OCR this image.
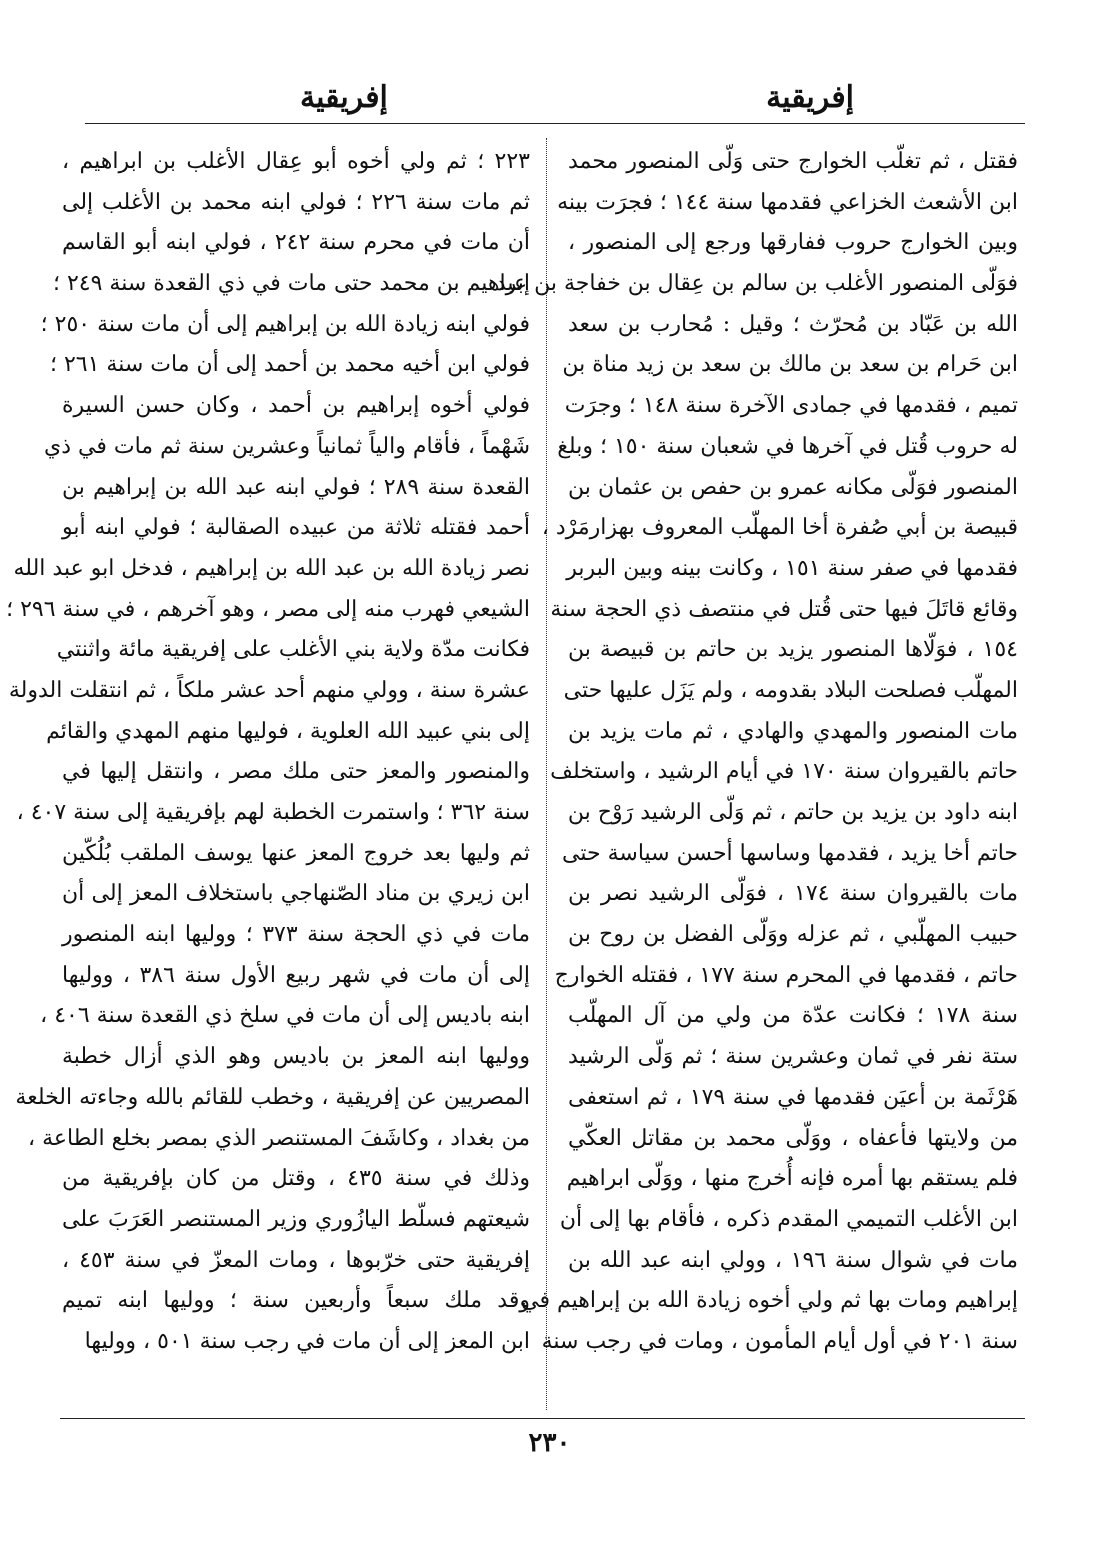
إفريقية
إفريقية
فقتل ، ثم تغلّب الخوارج حتى وَلّى المنصور محمد
ابن الأشعث الخزاعي فقدمها سنة ١٤٤ ؛ فجرَت بينه
وبين الخوارج حروب ففارقها ورجع إلى المنصور ،
فوَلّى المنصور الأغلب بن سالم بن عِقال بن خفاجة بن عبد
الله بن عَبّاد بن مُحرّث ؛ وقيل : مُحارب بن سعد
ابن حَرام بن سعد بن مالك بن سعد بن زيد مناة بن
تميم ، فقدمها في جمادى الآخرة سنة ١٤٨ ؛ وجرَت
له حروب قُتل في آخرها في شعبان سنة ١٥٠ ؛ وبلغ
المنصور فوَلّى مكانه عمرو بن حفص بن عثمان بن
قبيصة بن أبي صُفرة أخا المهلّب المعروف بهزارمَرْد ،
فقدمها في صفر سنة ١٥١ ، وكانت بينه وبين البربر
وقائع قاتَلَ فيها حتى قُتل في منتصف ذي الحجة سنة
١٥٤ ، فوَلّاها المنصور يزيد بن حاتم بن قبيصة بن
المهلّب فصلحت البلاد بقدومه ، ولم يَزَل عليها حتى
مات المنصور والمهدي والهادي ، ثم مات يزيد بن
حاتم بالقيروان سنة ١٧٠ في أيام الرشيد ، واستخلف
ابنه داود بن يزيد بن حاتم ، ثم وَلّى الرشيد رَوْح بن
حاتم أخا يزيد ، فقدمها وساسها أحسن سياسة حتى
مات بالقيروان سنة ١٧٤ ، فوَلّى الرشيد نصر بن
حبيب المهلّبي ، ثم عزله ووَلّى الفضل بن روح بن
حاتم ، فقدمها في المحرم سنة ١٧٧ ، فقتله الخوارج
سنة ١٧٨ ؛ فكانت عدّة من ولي من آل المهلّب
ستة نفر في ثمان وعشرين سنة ؛ ثم وَلّى الرشيد
هَرْثَمة بن أعيَن فقدمها في سنة ١٧٩ ، ثم استعفى
من ولايتها فأعفاه ، ووَلّى محمد بن مقاتل العكّي
فلم يستقم بها أمره فإنه أُخرج منها ، ووَلّى ابراهيم
ابن الأغلب التميمي المقدم ذكره ، فأقام بها إلى أن
مات في شوال سنة ١٩٦ ، وولي ابنه عبد الله بن
إبراهيم ومات بها ثم ولي أخوه زيادة الله بن إبراهيم في
سنة ٢٠١ في أول أيام المأمون ، ومات في رجب سنة
٢٢٣ ؛ ثم ولي أخوه أبو عِقال الأغلب بن ابراهيم ،
ثم مات سنة ٢٢٦ ؛ فولي ابنه محمد بن الأغلب إلى
أن مات في محرم سنة ٢٤٢ ، فولي ابنه أبو القاسم
إبراهيم بن محمد حتى مات في ذي القعدة سنة ٢٤٩ ؛
فولي ابنه زيادة الله بن إبراهيم إلى أن مات سنة ٢٥٠ ؛
فولي ابن أخيه محمد بن أحمد إلى أن مات سنة ٢٦١ ؛
فولي أخوه إبراهيم بن أحمد ، وكان حسن السيرة
شَهْماً ، فأقام والياً ثمانياً وعشرين سنة ثم مات في ذي
القعدة سنة ٢٨٩ ؛ فولي ابنه عبد الله بن إبراهيم بن
أحمد فقتله ثلاثة من عبيده الصقالبة ؛ فولي ابنه أبو
نصر زيادة الله بن عبد الله بن إبراهيم ، فدخل ابو عبد الله
الشيعي فهرب منه إلى مصر ، وهو آخرهم ، في سنة ٢٩٦ ؛
فكانت مدّة ولاية بني الأغلب على إفريقية مائة واثنتي
عشرة سنة ، وولي منهم أحد عشر ملكاً ، ثم انتقلت الدولة
إلى بني عبيد الله العلوية ، فوليها منهم المهدي والقائم
والمنصور والمعز حتى ملك مصر ، وانتقل إليها في
سنة ٣٦٢ ؛ واستمرت الخطبة لهم بإفريقية إلى سنة ٤٠٧ ،
ثم وليها بعد خروج المعز عنها يوسف الملقب بُلُكّين
ابن زيري بن مناد الصّنهاجي باستخلاف المعز إلى أن
مات في ذي الحجة سنة ٣٧٣ ؛ ووليها ابنه المنصور
إلى أن مات في شهر ربيع الأول سنة ٣٨٦ ، ووليها
ابنه باديس إلى أن مات في سلخ ذي القعدة سنة ٤٠٦ ،
ووليها ابنه المعز بن باديس وهو الذي أزال خطبة
المصريين عن إفريقية ، وخطب للقائم بالله وجاءته الخلعة
من بغداد ، وكاشَفَ المستنصر الذي بمصر بخلع الطاعة ،
وذلك في سنة ٤٣٥ ، وقتل من كان بإفريقية من
شيعتهم فسلّط اليازُوري وزير المستنصر العَرَبَ على
إفريقية حتى خرّبوها ، ومات المعزّ في سنة ٤٥٣ ،
وقد ملك سبعاً وأربعين سنة ؛ ووليها ابنه تميم
ابن المعز إلى أن مات في رجب سنة ٥٠١ ، ووليها
٢٣٠
